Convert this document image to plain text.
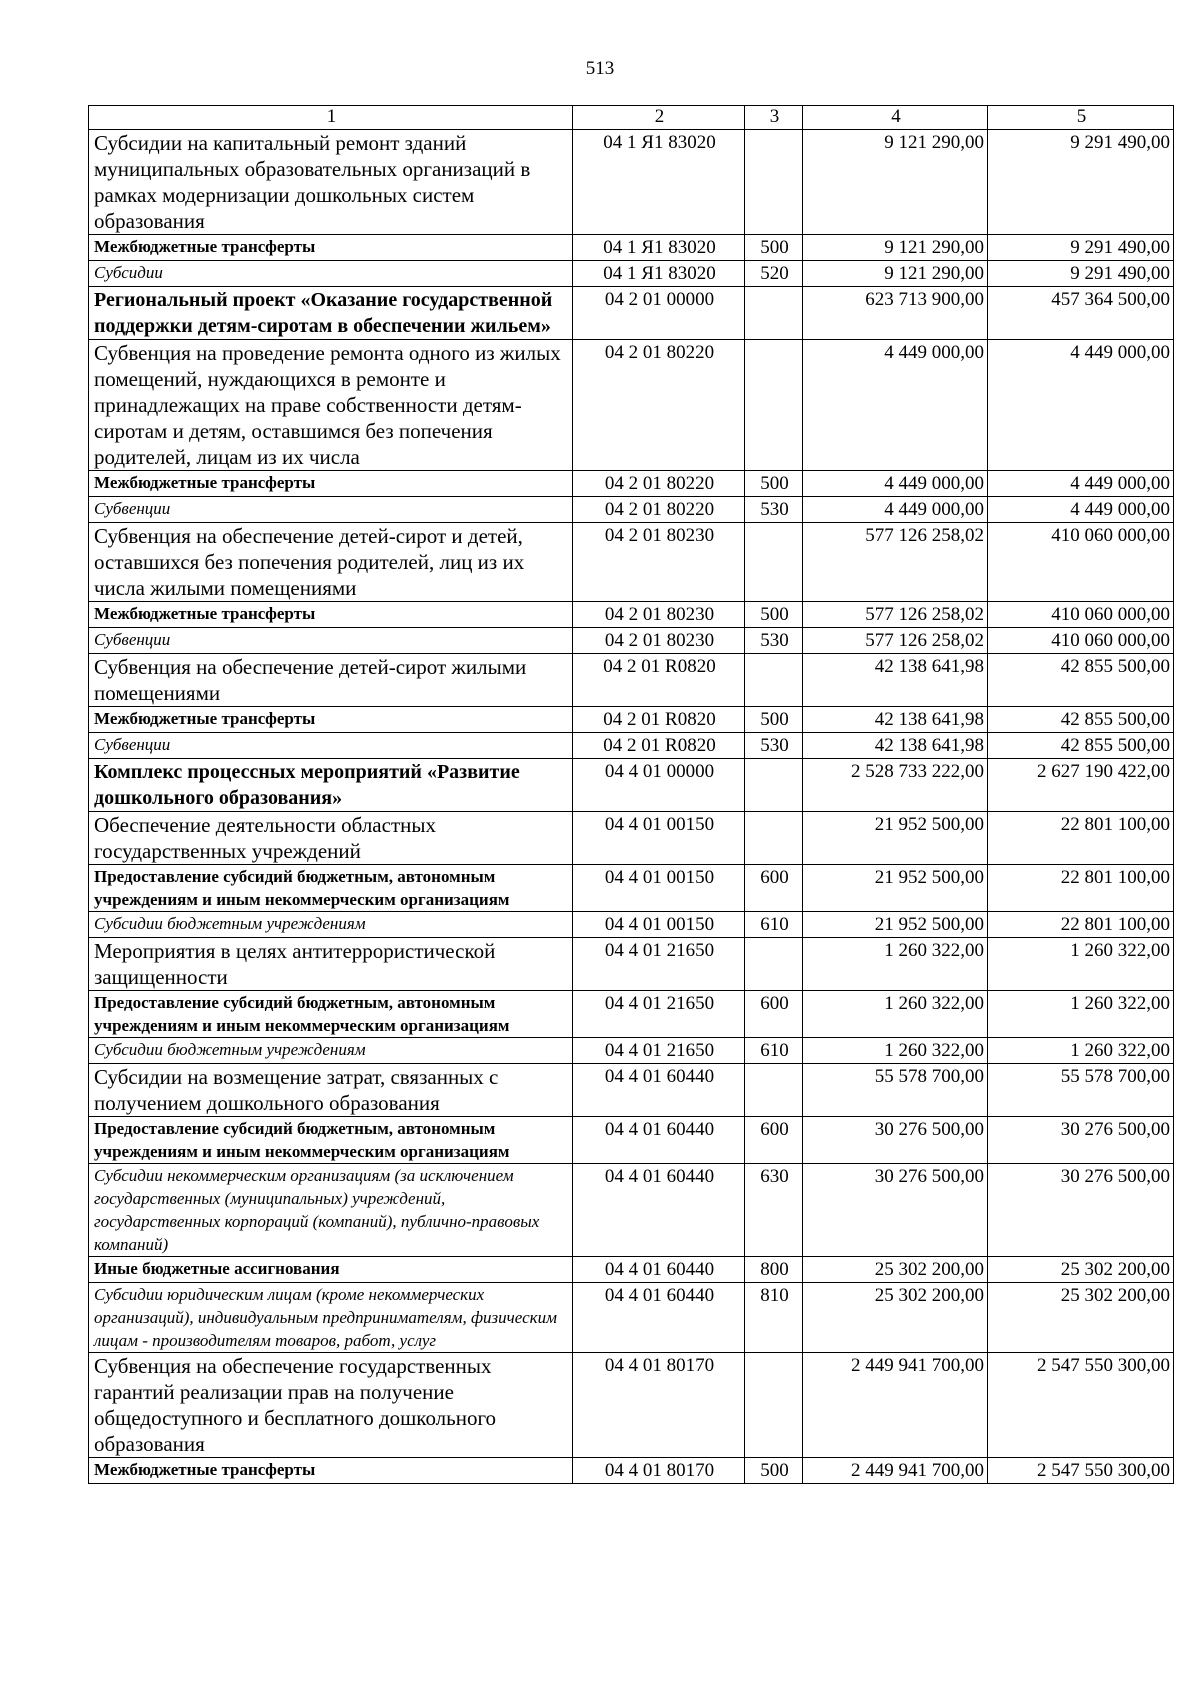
513
1	2	3	4	5
Субсидии на капитальный ремонт зданий муниципальных образовательных организаций в рамках модернизации дошкольных систем образования	04 1 Я1 83020		9 121 290,00	9 291 490,00
Межбюджетные трансферты	04 1 Я1 83020	500	9 121 290,00	9 291 490,00
Субсидии	04 1 Я1 83020	520	9 121 290,00	9 291 490,00
Региональный проект «Оказание государственной поддержки детям-сиротам в обеспечении жильем»	04 2 01 00000		623 713 900,00	457 364 500,00
Субвенция на проведение ремонта одного из жилых помещений, нуждающихся в ремонте и принадлежащих на праве собственности детям-сиротам и детям, оставшимся без попечения родителей, лицам из их числа	04 2 01 80220		4 449 000,00	4 449 000,00
Межбюджетные трансферты	04 2 01 80220	500	4 449 000,00	4 449 000,00
Субвенции	04 2 01 80220	530	4 449 000,00	4 449 000,00
Субвенция на обеспечение детей-сирот и детей, оставшихся без попечения родителей, лиц из их числа жилыми помещениями	04 2 01 80230		577 126 258,02	410 060 000,00
Межбюджетные трансферты	04 2 01 80230	500	577 126 258,02	410 060 000,00
Субвенции	04 2 01 80230	530	577 126 258,02	410 060 000,00
Субвенция на обеспечение детей-сирот жилыми помещениями	04 2 01 R0820		42 138 641,98	42 855 500,00
Межбюджетные трансферты	04 2 01 R0820	500	42 138 641,98	42 855 500,00
Субвенции	04 2 01 R0820	530	42 138 641,98	42 855 500,00
Комплекс процессных мероприятий «Развитие дошкольного образования»	04 4 01 00000		2 528 733 222,00	2 627 190 422,00
Обеспечение деятельности областных государственных учреждений	04 4 01 00150		21 952 500,00	22 801 100,00
Предоставление субсидий бюджетным, автономным учреждениям и иным некоммерческим организациям	04 4 01 00150	600	21 952 500,00	22 801 100,00
Субсидии бюджетным учреждениям	04 4 01 00150	610	21 952 500,00	22 801 100,00
Мероприятия в целях антитеррористической защищенности	04 4 01 21650		1 260 322,00	1 260 322,00
Предоставление субсидий бюджетным, автономным учреждениям и иным некоммерческим организациям	04 4 01 21650	600	1 260 322,00	1 260 322,00
Субсидии бюджетным учреждениям	04 4 01 21650	610	1 260 322,00	1 260 322,00
Субсидии на возмещение затрат, связанных с получением дошкольного образования	04 4 01 60440		55 578 700,00	55 578 700,00
Предоставление субсидий бюджетным, автономным учреждениям и иным некоммерческим организациям	04 4 01 60440	600	30 276 500,00	30 276 500,00
Субсидии некоммерческим организациям (за исключением государственных (муниципальных) учреждений, государственных корпораций (компаний), публично-правовых компаний)	04 4 01 60440	630	30 276 500,00	30 276 500,00
Иные бюджетные ассигнования	04 4 01 60440	800	25 302 200,00	25 302 200,00
Субсидии юридическим лицам (кроме некоммерческих организаций), индивидуальным предпринимателям, физическим лицам - производителям товаров, работ, услуг	04 4 01 60440	810	25 302 200,00	25 302 200,00
Субвенция на обеспечение государственных гарантий реализации прав на получение общедоступного и бесплатного дошкольного образования	04 4 01 80170		2 449 941 700,00	2 547 550 300,00
Межбюджетные трансферты	04 4 01 80170	500	2 449 941 700,00	2 547 550 300,00
